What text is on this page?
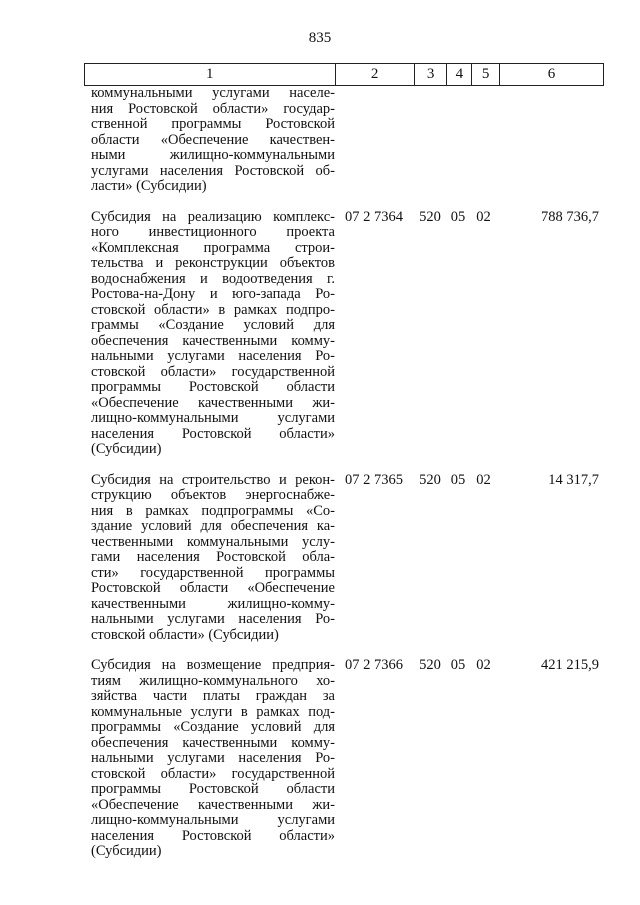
835
1	2	3	4	5	6
коммунальными услугами населе-
ния Ростовской области» государ-
ственной программы Ростовской
области «Обеспечение качествен-
ными жилищно-коммунальными
услугами населения Ростовской об-
ласти» (Субсидии)
Субсидия на реализацию комплекс-
ного инвестиционного проекта
«Комплексная программа строи-
тельства и реконструкции объектов
водоснабжения и водоотведения г.
Ростова-на-Дону и юго-запада Ро-
стовской области» в рамках подпро-
граммы «Создание условий для
обеспечения качественными комму-
нальными услугами населения Ро-
стовской области» государственной
программы Ростовской области
«Обеспечение качественными жи-
лищно-коммунальными услугами
населения Ростовской области»
(Субсидии)
07 2 7364	520 05 02	788 736,7
Субсидия на строительство и рекон-
струкцию объектов энергоснабже-
ния в рамках подпрограммы «Со-
здание условий для обеспечения ка-
чественными коммунальными услу-
гами населения Ростовской обла-
сти» государственной программы
Ростовской области «Обеспечение
качественными жилищно-комму-
нальными услугами населения Ро-
стовской области» (Субсидии)
07 2 7365	520 05 02	14 317,7
Субсидия на возмещение предприя-
тиям жилищно-коммунального хо-
зяйства части платы граждан за
коммунальные услуги в рамках под-
программы «Создание условий для
обеспечения качественными комму-
нальными услугами населения Ро-
стовской области» государственной
программы Ростовской области
«Обеспечение качественными жи-
лищно-коммунальными услугами
населения Ростовской области»
(Субсидии)
07 2 7366	520 05 02	421 215,9
